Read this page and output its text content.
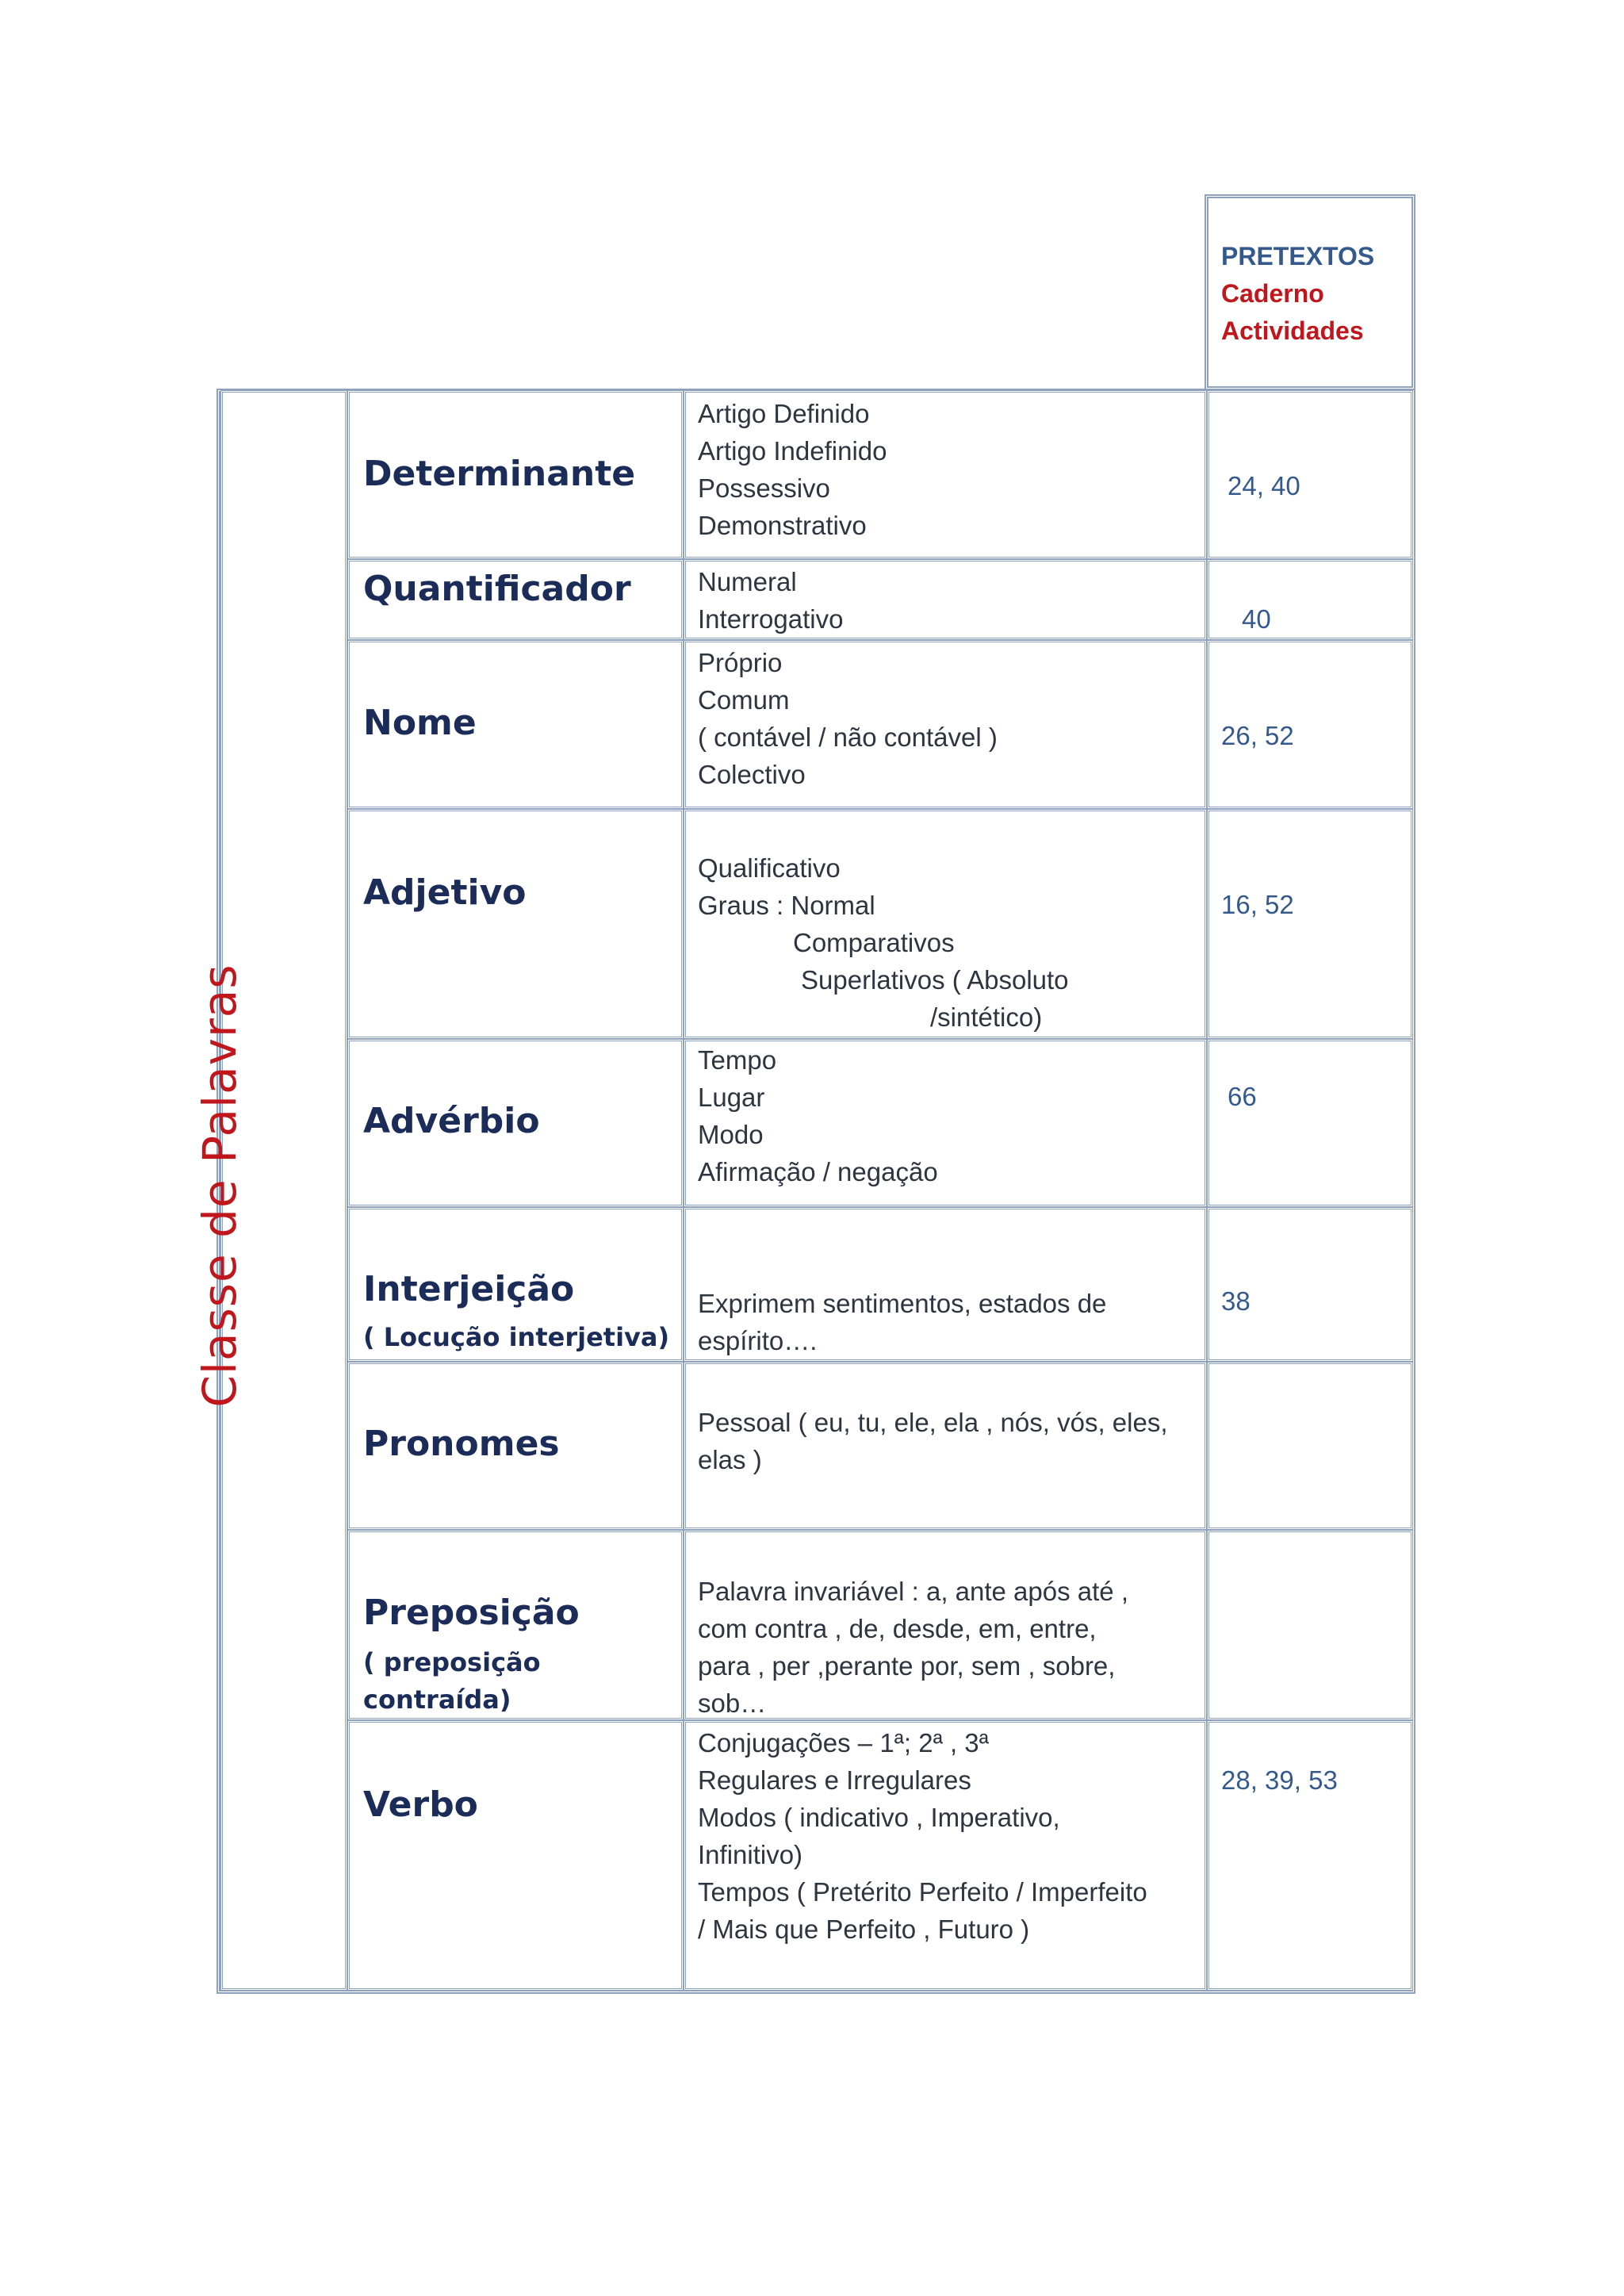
PRETEXTOS
Caderno
Actividades
Classe de Palavras
Determinante
Artigo Definido
Artigo Indefinido
Possessivo
Demonstrativo
24, 40
Quantificador	Numeral
Interrogativo	40
Nome
Próprio
Comum
( contável / não contável )
Colectivo
26, 52
Adjetivo
Qualificativo
Graus : Normal
Comparativos
Superlativos ( Absoluto
/sintético)
16, 52
Advérbio
Tempo
Lugar
Modo
Afirmação / negação
66
Interjeição
( Locução interjetiva)
Exprimem sentimentos, estados de
espírito….
38
Pronomes
Pessoal ( eu, tu, ele, ela , nós, vós, eles,
elas )
Preposição
( preposição
contraída)
Palavra invariável : a, ante após até ,
com contra , de, desde, em, entre,
para , per ,perante por, sem , sobre,
sob…
Verbo
Conjugações – 1ª; 2ª , 3ª
Regulares e Irregulares
Modos ( indicativo , Imperativo,
Infinitivo)
Tempos ( Pretérito Perfeito / Imperfeito
/ Mais que Perfeito , Futuro )
28, 39, 53
